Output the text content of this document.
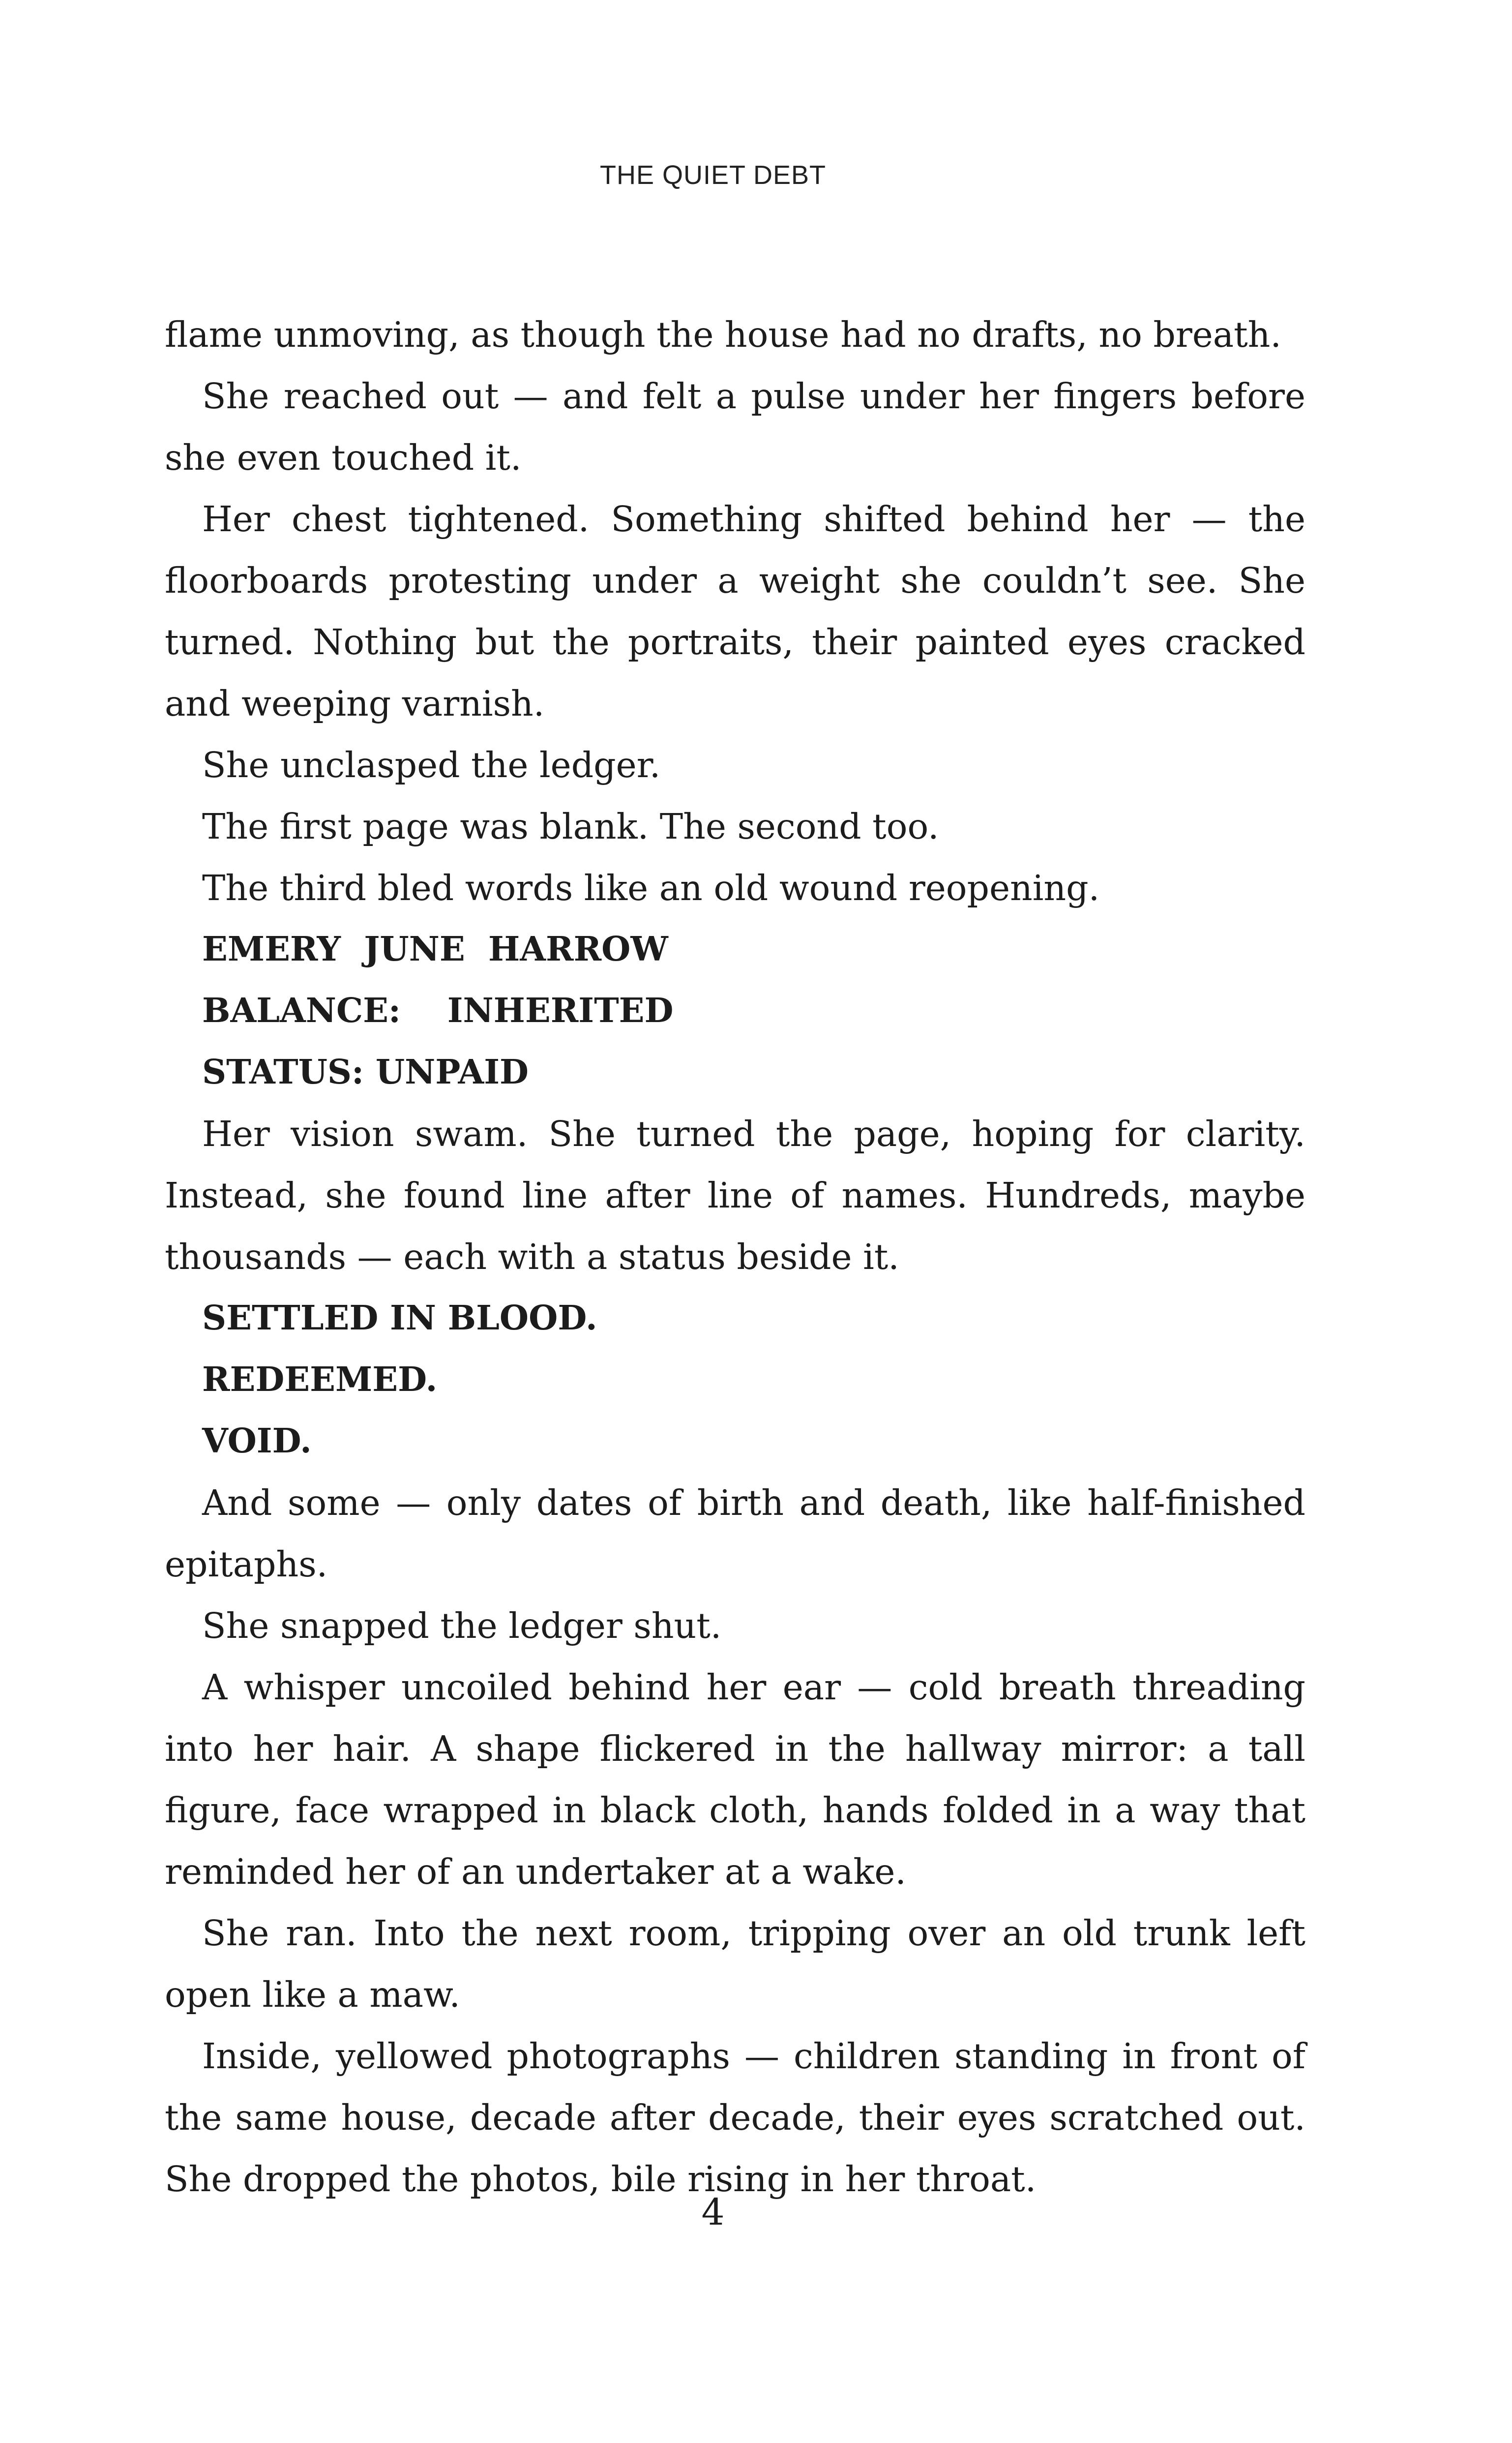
THE QUIET DEBT

flame unmoving, as though the house had no drafts, no breath.

She reached out — and felt a pulse under her fingers before she even touched it.

Her chest tightened. Something shifted behind her — the floorboards protesting under a weight she couldn’t see. She turned. Nothing but the portraits, their painted eyes cracked and weeping varnish.

She unclasped the ledger.

The first page was blank. The second too.

The third bled words like an old wound reopening.

EMERY  JUNE  HARROW

BALANCE:    INHERITED

STATUS: UNPAID

Her vision swam. She turned the page, hoping for clarity. Instead, she found line after line of names. Hundreds, maybe thousands — each with a status beside it.

SETTLED IN BLOOD.

REDEEMED.

VOID.

And some — only dates of birth and death, like half-finished epitaphs.

She snapped the ledger shut.

A whisper uncoiled behind her ear — cold breath threading into her hair. A shape flickered in the hallway mirror: a tall figure, face wrapped in black cloth, hands folded in a way that reminded her of an undertaker at a wake.

She ran. Into the next room, tripping over an old trunk left open like a maw.

Inside, yellowed photographs — children standing in front of the same house, decade after decade, their eyes scratched out. She dropped the photos, bile rising in her throat.

4
